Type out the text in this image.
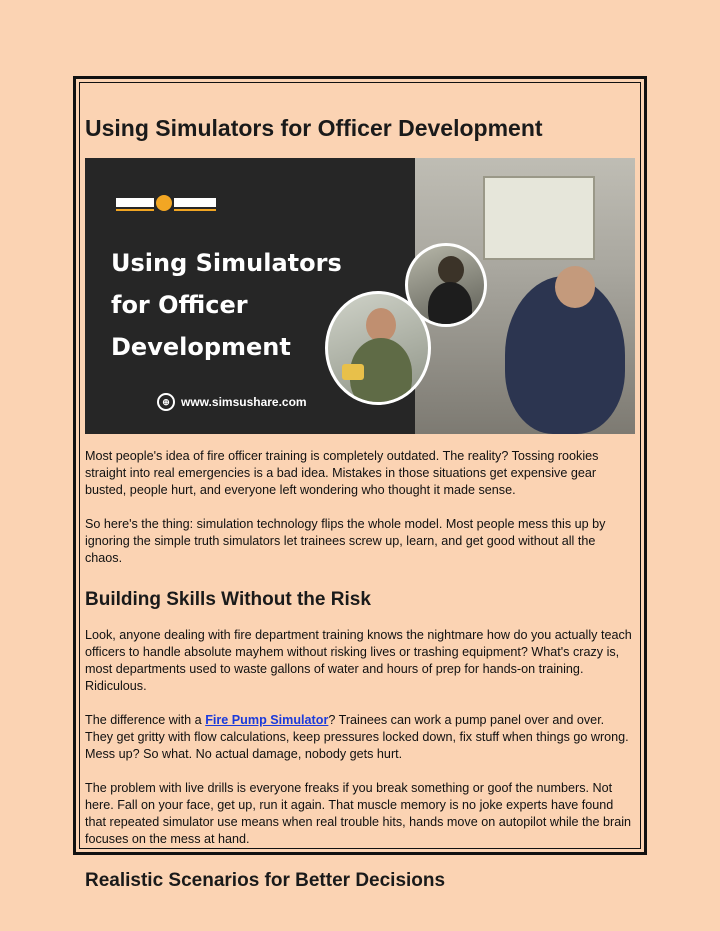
Using Simulators for Officer Development
Using Simulators
for Officer
Development
⊕ www.simsushare.com

Most people's idea of fire officer training is completely outdated. The reality? Tossing rookies straight into real emergencies is a bad idea. Mistakes in those situations get expensive gear busted, people hurt, and everyone left wondering who thought it made sense.

So here's the thing: simulation technology flips the whole model. Most people mess this up by ignoring the simple truth simulators let trainees screw up, learn, and get good without all the chaos.

Building Skills Without the Risk

Look, anyone dealing with fire department training knows the nightmare how do you actually teach officers to handle absolute mayhem without risking lives or trashing equipment? What's crazy is, most departments used to waste gallons of water and hours of prep for hands-on training. Ridiculous.

The difference with a Fire Pump Simulator? Trainees can work a pump panel over and over. They get gritty with flow calculations, keep pressures locked down, fix stuff when things go wrong. Mess up? So what. No actual damage, nobody gets hurt.

The problem with live drills is everyone freaks if you break something or goof the numbers. Not here. Fall on your face, get up, run it again. That muscle memory is no joke experts have found that repeated simulator use means when real trouble hits, hands move on autopilot while the brain focuses on the mess at hand.

Realistic Scenarios for Better Decisions
